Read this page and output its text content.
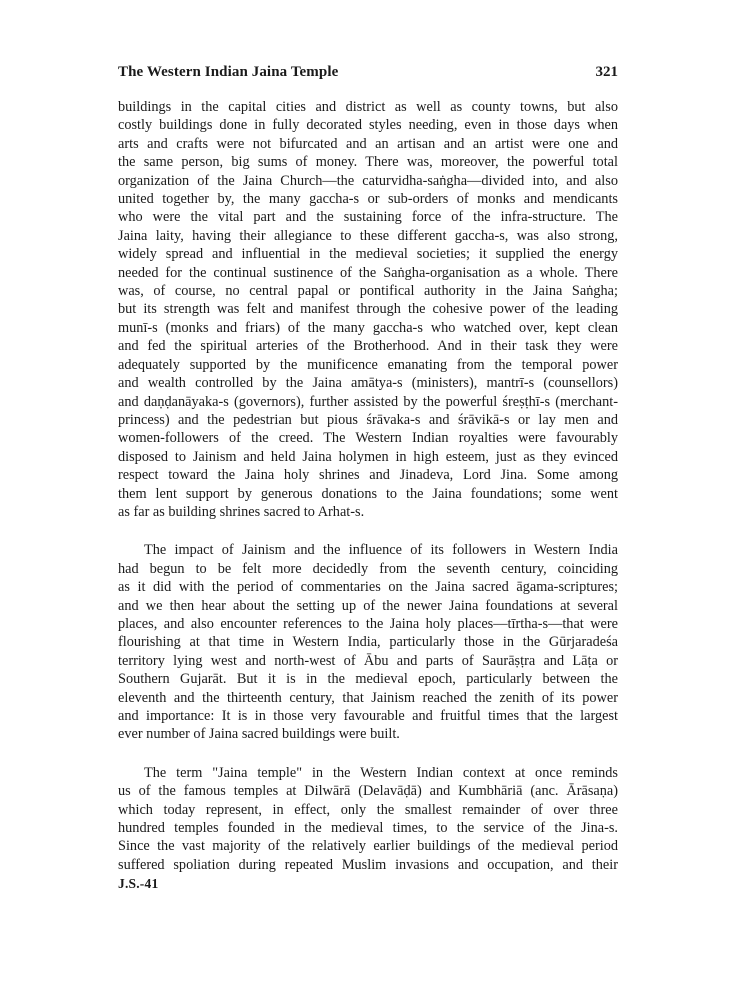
The Western Indian Jaina Temple	321
buildings in the capital cities and district as well as county towns, but also
costly buildings done in fully decorated styles needing, even in those days when
arts and crafts were not bifurcated and an artisan and an artist were one and
the same person, big sums of money. There was, moreover, the powerful total
organization of the Jaina Church—the caturvidha-saṅgha—divided into, and also
united together by, the many gaccha-s or sub-orders of monks and mendicants
who were the vital part and the sustaining force of the infra-structure. The
Jaina laity, having their allegiance to these different gaccha-s, was also strong,
widely spread and influential in the medieval societies; it supplied the energy
needed for the continual sustinence of the Saṅgha-organisation as a whole. There
was, of course, no central papal or pontifical authority in the Jaina Saṅgha;
but its strength was felt and manifest through the cohesive power of the leading
munī-s (monks and friars) of the many gaccha-s who watched over, kept clean
and fed the spiritual arteries of the Brotherhood. And in their task they were
adequately supported by the munificence emanating from the temporal power
and wealth controlled by the Jaina amātya-s (ministers), mantrī-s (counsellors)
and daṇḍanāyaka-s (governors), further assisted by the powerful śreṣṭhī-s (merchant-
princess) and the pedestrian but pious śrāvaka-s and śrāvikā-s or lay men and
women-followers of the creed. The Western Indian royalties were favourably
disposed to Jainism and held Jaina holymen in high esteem, just as they evinced
respect toward the Jaina holy shrines and Jinadeva, Lord Jina. Some among
them lent support by generous donations to the Jaina foundations; some went
as far as building shrines sacred to Arhat-s.
The impact of Jainism and the influence of its followers in Western India
had begun to be felt more decidedly from the seventh century, coinciding
as it did with the period of commentaries on the Jaina sacred āgama-scriptures;
and we then hear about the setting up of the newer Jaina foundations at several
places, and also encounter references to the Jaina holy places—tīrtha-s—that were
flourishing at that time in Western India, particularly those in the Gūrjaradeśa
territory lying west and north-west of Ābu and parts of Saurāṣṭra and Lāṭa or
Southern Gujarāt. But it is in the medieval epoch, particularly between the
eleventh and the thirteenth century, that Jainism reached the zenith of its power
and importance: It is in those very favourable and fruitful times that the largest
ever number of Jaina sacred buildings were built.
The term "Jaina temple" in the Western Indian context at once reminds
us of the famous temples at Dilwārā (Delavāḍā) and Kumbhāriā (anc. Ārāsaṇa)
which today represent, in effect, only the smallest remainder of over three
hundred temples founded in the medieval times, to the service of the Jina-s.
Since the vast majority of the relatively earlier buildings of the medieval period
suffered spoliation during repeated Muslim invasions and occupation, and their
J.S.-41
